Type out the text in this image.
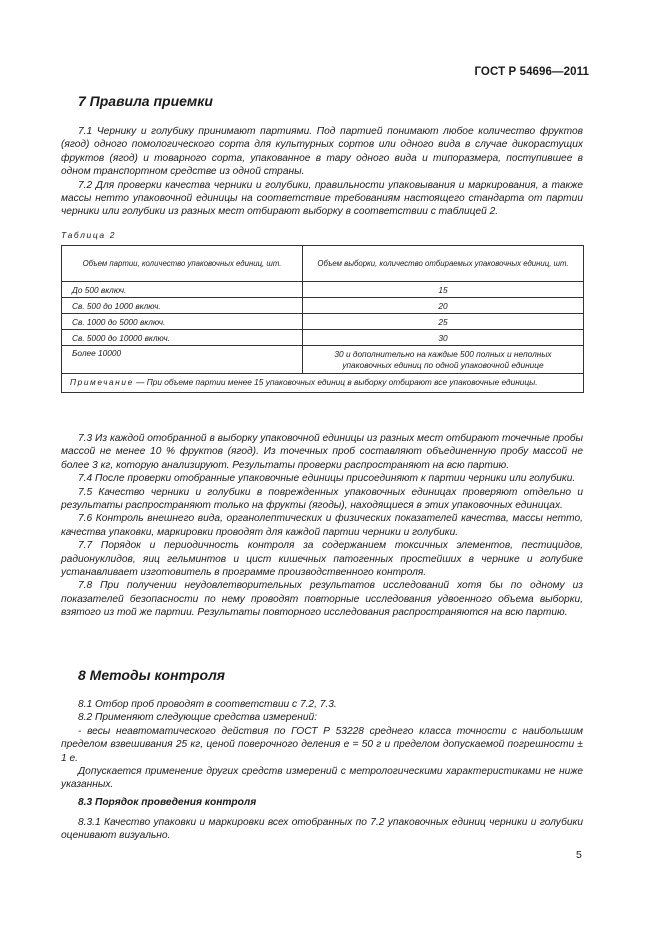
ГОСТ Р 54696—2011
7 Правила приемки

7.1 Чернику и голубику принимают партиями. Под партией понимают любое количество фруктов (ягод) одного помологического сорта для культурных сортов или одного вида в случае дикорастущих фруктов (ягод) и товарного сорта, упакованное в тару одного вида и типоразмера, поступившее в одном транспортном средстве из одной страны.

7.2 Для проверки качества черники и голубики, правильности упаковывания и маркирования, а также массы нетто упаковочной единицы на соответствие требованиям настоящего стандарта от партии черники или голубики из разных мест отбирают выборку в соответствии с таблицей 2.

Таблица 2
Объем партии, количество упаковочных единиц, шт.	Объем выборки, количество отбираемых упаковочных единиц, шт.
До 500 включ.	15
Св. 500 до 1000 включ.	20
Св. 1000 до 5000 включ.	25
Св. 5000 до 10000 включ.	30
Более 10000	30 и дополнительно на каждые 500 полных и неполных упаковочных единиц по одной упаковочной единице
Примечание — При объеме партии менее 15 упаковочных единиц в выборку отбирают все упаковочные единицы.	

7.3 Из каждой отобранной в выборку упаковочной единицы из разных мест отбирают точечные пробы массой не менее 10 % фруктов (ягод). Из точечных проб составляют объединенную пробу массой не более 3 кг, которую анализируют. Результаты проверки распространяют на всю партию.

7.4 После проверки отобранные упаковочные единицы присоединяют к партии черники или голубики.

7.5 Качество черники и голубики в поврежденных упаковочных единицах проверяют отдельно и результаты распространяют только на фрукты (ягоды), находящиеся в этих упаковочных единицах.

7.6 Контроль внешнего вида, органолептических и физических показателей качества, массы нетто, качества упаковки, маркировки проводят для каждой партии черники и голубики.

7.7 Порядок и периодичность контроля за содержанием токсичных элементов, пестицидов, радионуклидов, яиц гельминтов и цист кишечных патогенных простейших в чернике и голубике устанавливает изготовитель в программе производственного контроля.

7.8 При получении неудовлетворительных результатов исследований хотя бы по одному из показателей безопасности по нему проводят повторные исследования удвоенного объема выборки, взятого из той же партии. Результаты повторного исследования распространяются на всю партию.

8 Методы контроля

8.1 Отбор проб проводят в соответствии с 7.2, 7.3.

8.2 Применяют следующие средства измерений:

- весы неавтоматического действия по ГОСТ Р 53228 среднего класса точности с наибольшим пределом взвешивания 25 кг, ценой поверочного деления е = 50 г и пределом допускаемой погрешности ± 1 е.

Допускается применение других средств измерений с метрологическими характеристиками не ниже указанных.

8.3 Порядок проведения контроля

8.3.1 Качество упаковки и маркировки всех отобранных по 7.2 упаковочных единиц черники и голубики оценивают визуально.

5
